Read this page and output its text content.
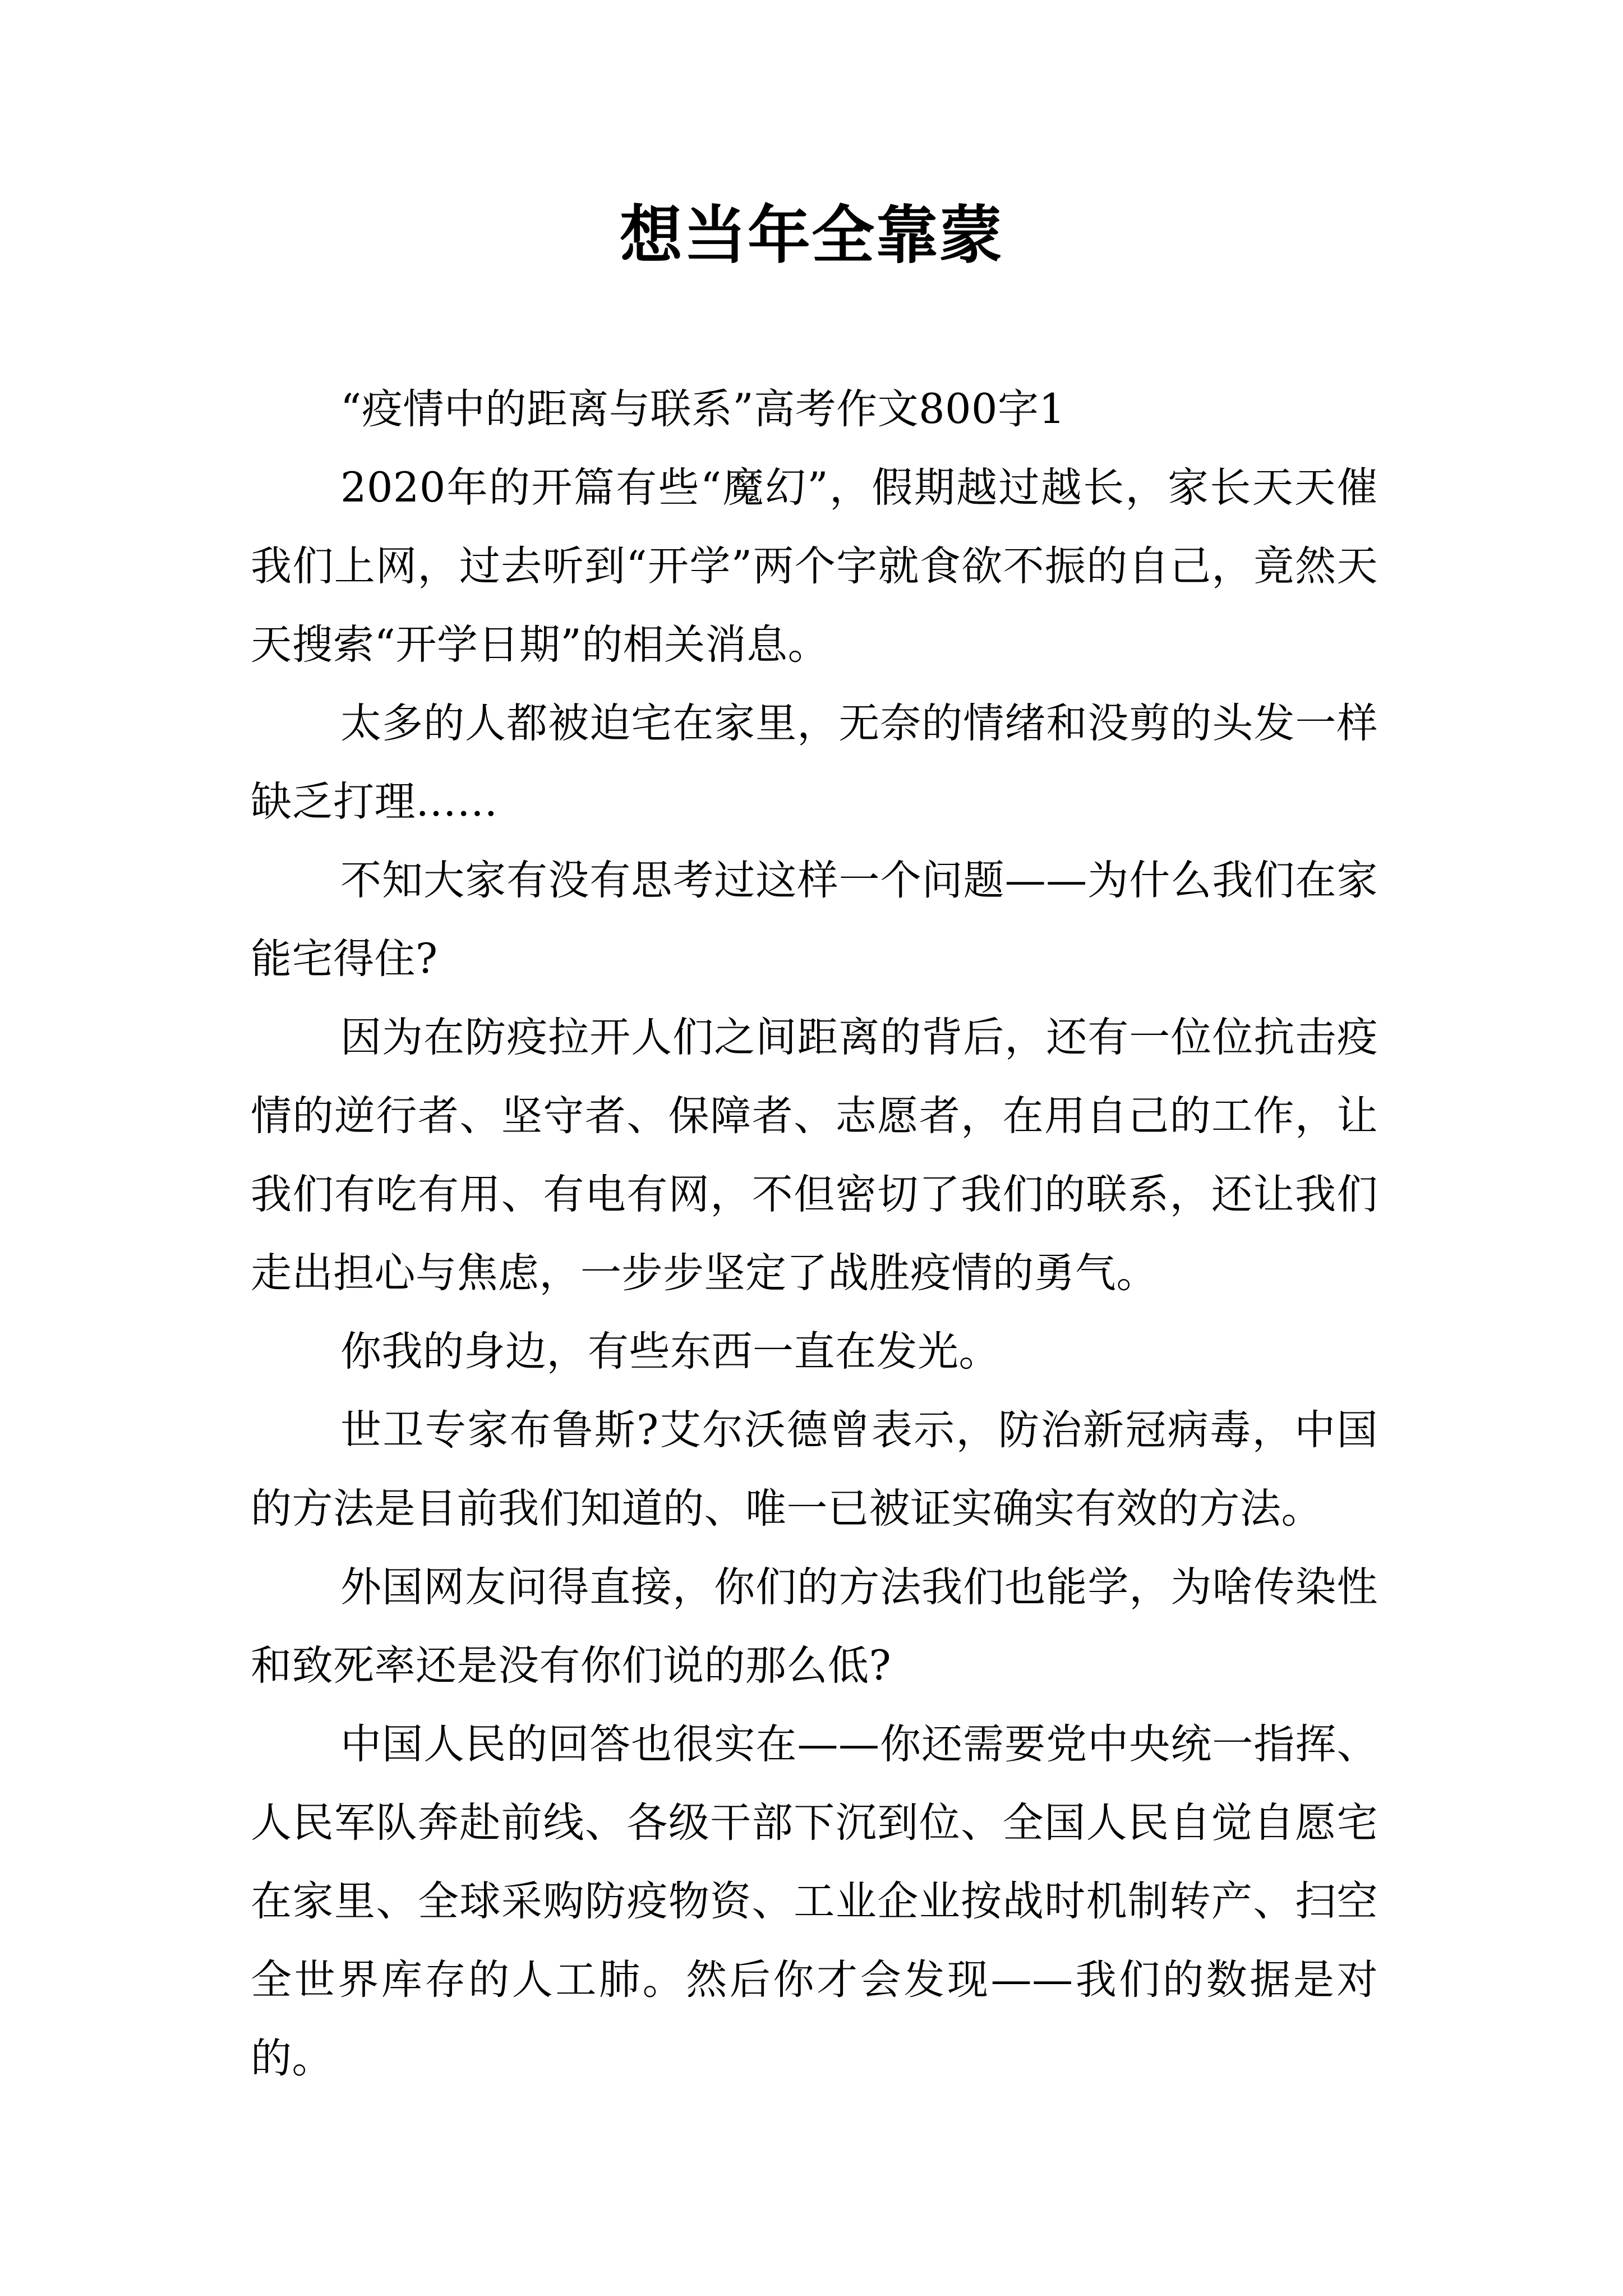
想当年全靠蒙

“疫情中的距离与联系”高考作文800字1

2020年的开篇有些“魔幻”，假期越过越长，家长天天催我们上网，过去听到“开学”两个字就食欲不振的自己，竟然天天搜索“开学日期”的相关消息。

太多的人都被迫宅在家里，无奈的情绪和没剪的头发一样缺乏打理……

不知大家有没有思考过这样一个问题——为什么我们在家能宅得住?

因为在防疫拉开人们之间距离的背后，还有一位位抗击疫情的逆行者、坚守者、保障者、志愿者，在用自己的工作，让我们有吃有用、有电有网，不但密切了我们的联系，还让我们走出担心与焦虑，一步步坚定了战胜疫情的勇气。

你我的身边，有些东西一直在发光。

世卫专家布鲁斯?艾尔沃德曾表示，防治新冠病毒，中国的方法是目前我们知道的、唯一已被证实确实有效的方法。

外国网友问得直接，你们的方法我们也能学，为啥传染性和致死率还是没有你们说的那么低?

中国人民的回答也很实在——你还需要党中央统一指挥、人民军队奔赴前线、各级干部下沉到位、全国人民自觉自愿宅在家里、全球采购防疫物资、工业企业按战时机制转产、扫空全世界库存的人工肺。然后你才会发现——我们的数据是对的。
